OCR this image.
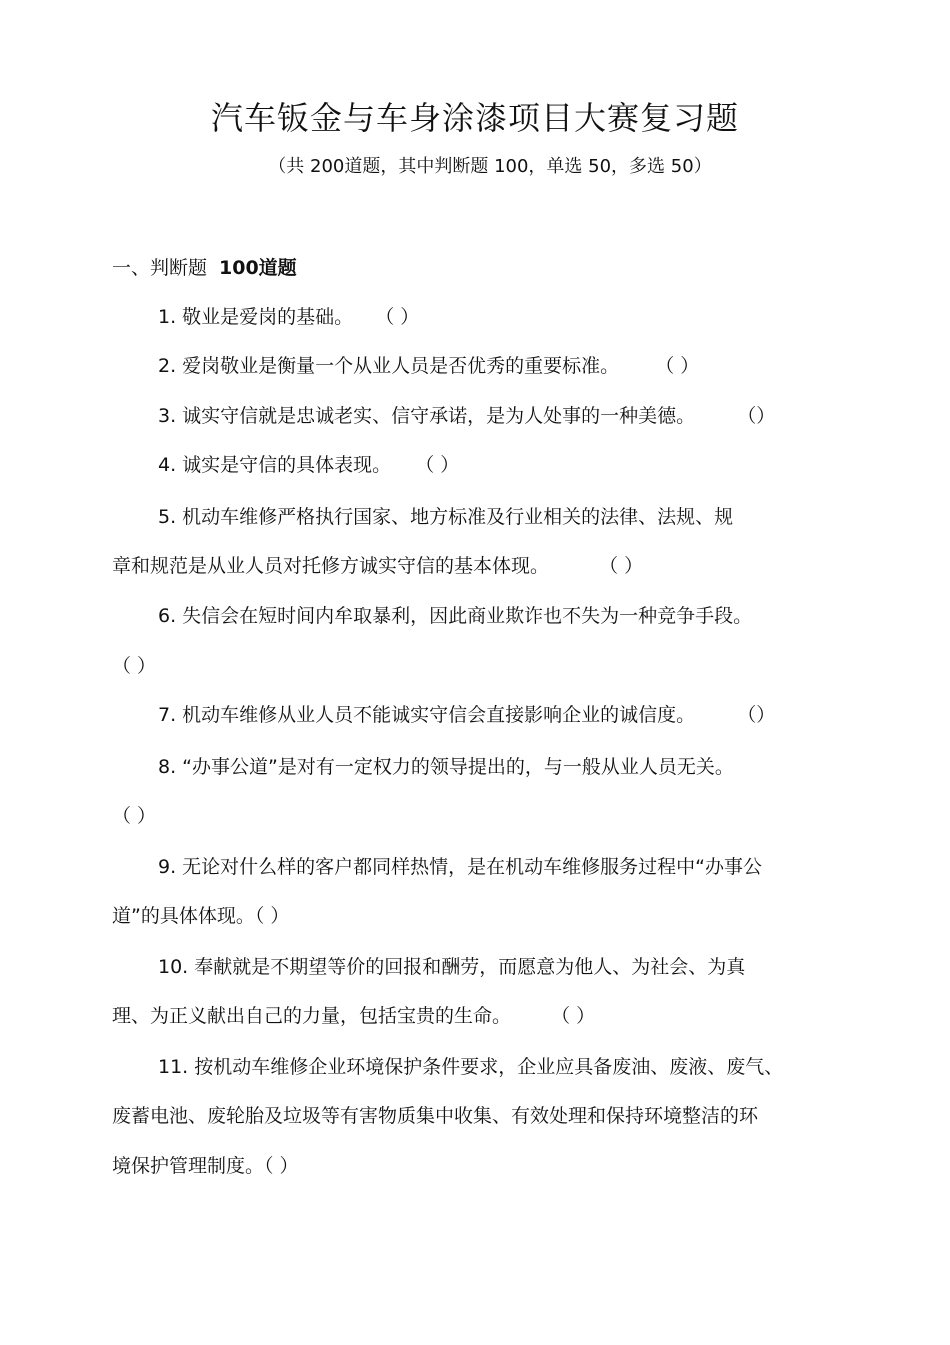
汽车钣金与车身涂漆项目大赛复习题
（共 200道题，其中判断题 100，单选 50，多选 50）
一、判断题 100道题
1. 敬业是爱岗的基础。 （ ）
2. 爱岗敬业是衡量一个从业人员是否优秀的重要标准。 （ ）
3. 诚实守信就是忠诚老实、信守承诺，是为人处事的一种美德。 （）
4. 诚实是守信的具体表现。 （ ）
5. 机动车维修严格执行国家、地方标准及行业相关的法律、法规、规
章和规范是从业人员对托修方诚实守信的基本体现。	（ ）
6. 失信会在短时间内牟取暴利，因此商业欺诈也不失为一种竞争手段。
（ ）
7. 机动车维修从业人员不能诚实守信会直接影响企业的诚信度。 （）
8. “办事公道”是对有一定权力的领导提出的，与一般从业人员无关。
（ ）
9. 无论对什么样的客户都同样热情，是在机动车维修服务过程中“办事公
道”的具体体现。（ ）
10. 奉献就是不期望等价的回报和酬劳，而愿意为他人、为社会、为真
理、为正义献出自己的力量，包括宝贵的生命。 （ ）
11. 按机动车维修企业环境保护条件要求，企业应具备废油、废液、废气、
废蓄电池、废轮胎及垃圾等有害物质集中收集、有效处理和保持环境整洁的环
境保护管理制度。（ ）
